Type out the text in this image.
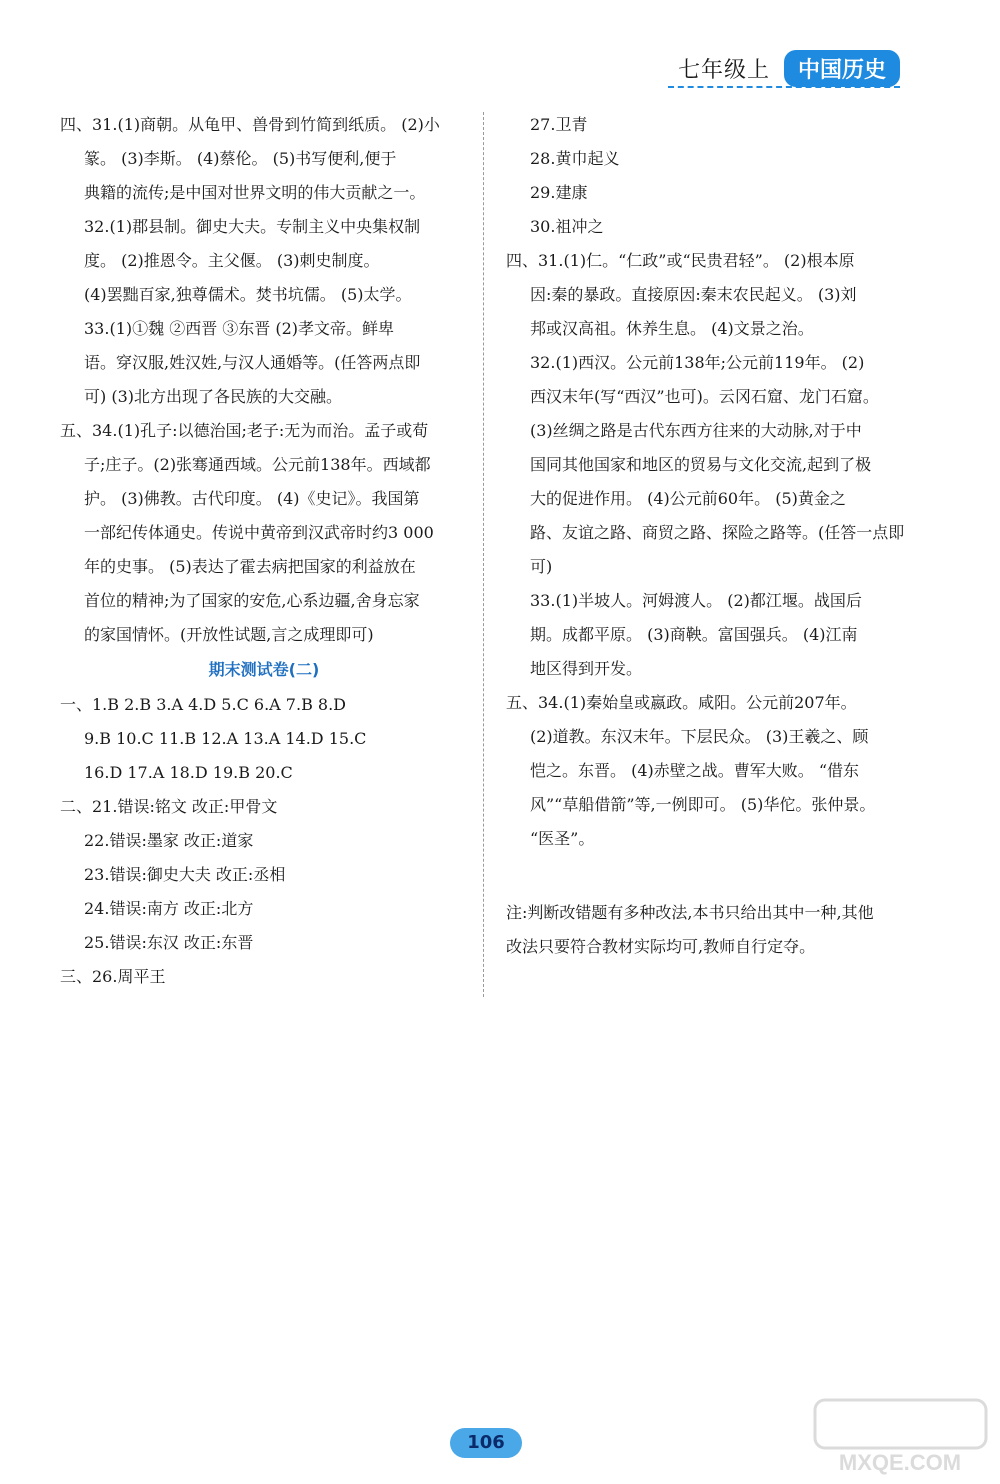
七年级上	中国历史

四、31.(1)商朝。从龟甲、兽骨到竹简到纸质。 (2)小

篆。 (3)李斯。 (4)蔡伦。 (5)书写便利,便于

典籍的流传;是中国对世界文明的伟大贡献之一。

32.(1)郡县制。御史大夫。专制主义中央集权制

度。 (2)推恩令。主父偃。 (3)刺史制度。

(4)罢黜百家,独尊儒术。焚书坑儒。 (5)太学。

33.(1)①魏 ②西晋 ③东晋 (2)孝文帝。鲜卑

语。穿汉服,姓汉姓,与汉人通婚等。(任答两点即

可) (3)北方出现了各民族的大交融。

五、34.(1)孔子:以德治国;老子:无为而治。孟子或荀

子;庄子。(2)张骞通西域。公元前138年。西域都

护。 (3)佛教。古代印度。 (4)《史记》。我国第

一部纪传体通史。传说中黄帝到汉武帝时约3 000

年的史事。 (5)表达了霍去病把国家的利益放在

首位的精神;为了国家的安危,心系边疆,舍身忘家

的家国情怀。(开放性试题,言之成理即可)

期末测试卷(二)

一、1.B 2.B 3.A 4.D 5.C 6.A 7.B 8.D

9.B 10.C 11.B 12.A 13.A 14.D 15.C

16.D 17.A 18.D 19.B 20.C

二、21.错误:铭文 改正:甲骨文

22.错误:墨家 改正:道家

23.错误:御史大夫 改正:丞相

24.错误:南方 改正:北方

25.错误:东汉 改正:东晋

三、26.周平王

27.卫青

28.黄巾起义

29.建康

30.祖冲之

四、31.(1)仁。“仁政”或“民贵君轻”。 (2)根本原

因:秦的暴政。直接原因:秦末农民起义。 (3)刘

邦或汉高祖。休养生息。 (4)文景之治。

32.(1)西汉。公元前138年;公元前119年。 (2)

西汉末年(写“西汉”也可)。云冈石窟、龙门石窟。

(3)丝绸之路是古代东西方往来的大动脉,对于中

国同其他国家和地区的贸易与文化交流,起到了极

大的促进作用。 (4)公元前60年。 (5)黄金之

路、友谊之路、商贸之路、探险之路等。(任答一点即

可)

33.(1)半坡人。河姆渡人。 (2)都江堰。战国后

期。成都平原。 (3)商鞅。富国强兵。 (4)江南

地区得到开发。

五、34.(1)秦始皇或嬴政。咸阳。公元前207年。

(2)道教。东汉末年。下层民众。 (3)王羲之、顾

恺之。东晋。 (4)赤壁之战。曹军大败。 “借东

风”“草船借箭”等,一例即可。 (5)华佗。张仲景。

“医圣”。

注:判断改错题有多种改法,本书只给出其中一种,其他

改法只要符合教材实际均可,教师自行定夺。

106
MXQE.COM
